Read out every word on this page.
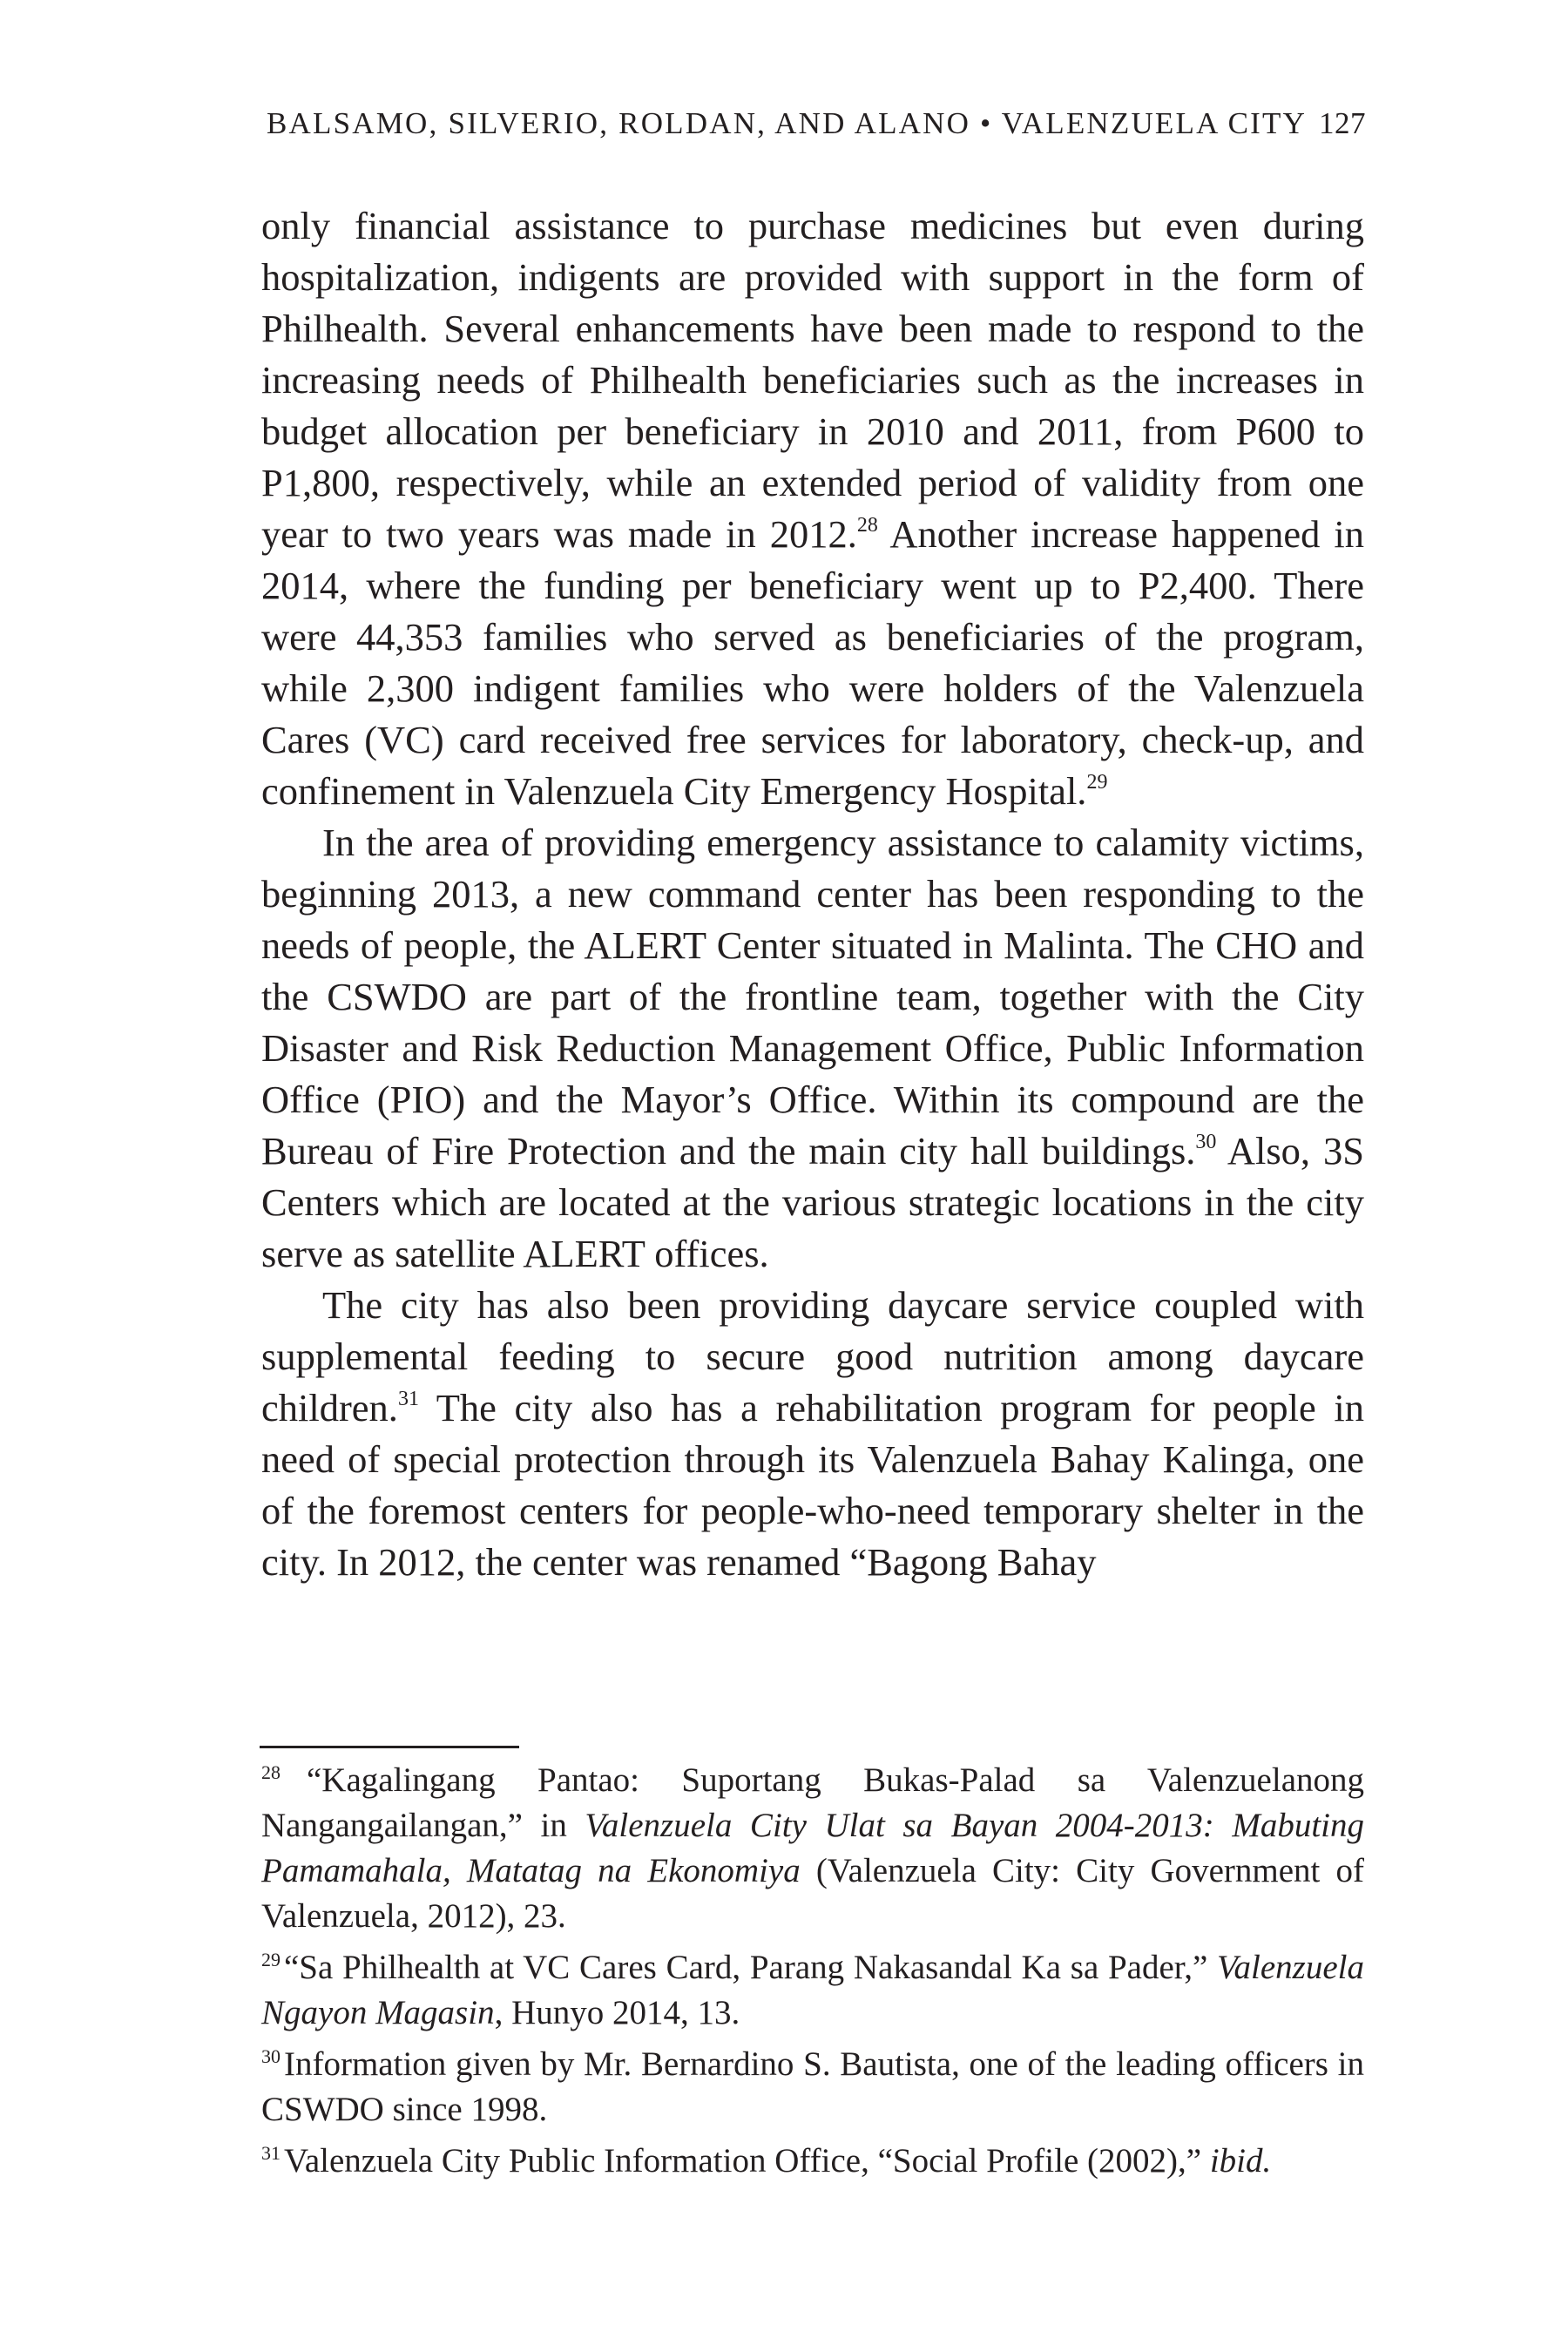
BALSAMO, SILVERIO, ROLDAN, AND ALANO • VALENZUELA CITY 127

only financial assistance to purchase medicines but even during hospitalization, indigents are provided with support in the form of Philhealth. Several enhancements have been made to respond to the increasing needs of Philhealth beneficiaries such as the increases in budget allocation per beneficiary in 2010 and 2011, from P600 to P1,800, respectively, while an extended period of validity from one year to two years was made in 2012.28 Another increase happened in 2014, where the funding per beneficiary went up to P2,400. There were 44,353 families who served as beneficiaries of the program, while 2,300 indigent families who were holders of the Valenzuela Cares (VC) card received free services for laboratory, check-up, and confinement in Valenzuela City Emergency Hospital.$^{29}$

In the area of providing emergency assistance to calamity victims, beginning 2013, a new command center has been responding to the needs of people, the ALERT Center situated in Malinta. The CHO and the CSWDO are part of the frontline team, together with the City Disaster and Risk Reduction Management Office, Public Information Office (PIO) and the Mayor’s Office. Within its compound are the Bureau of Fire Protection and the main city hall buildings.$^{30}$ Also, 3S Centers which are located at the various strategic locations in the city serve as satellite ALERT offices.

The city has also been providing daycare service coupled with supplemental feeding to secure good nutrition among daycare children.$^{31}$ The city also has a rehabilitation program for people in need of special protection through its Valenzuela Bahay Kalinga, one of the foremost centers for people-who-need temporary shelter in the city. In 2012, the center was renamed “Bagong Bahay

$^{28}$ “Kagalingang Pantao: Suportang Bukas-Palad sa Valenzuelanong Nangangailangan,” in Valenzuela City Ulat sa Bayan 2004-2013: Mabuting Pamamahala, Matatag na Ekonomiya (Valenzuela City: City Government of Valenzuela, 2012), 23.

$^{29}$ “Sa Philhealth at VC Cares Card, Parang Nakasandal Ka sa Pader,” Valenzuela Ngayon Magasin, Hunyo 2014, 13.

$^{30}$ Information given by Mr. Bernardino S. Bautista, one of the leading officers in CSWDO since 1998.

$^{31}$ Valenzuela City Public Information Office, “Social Profile (2002),” ibid.
